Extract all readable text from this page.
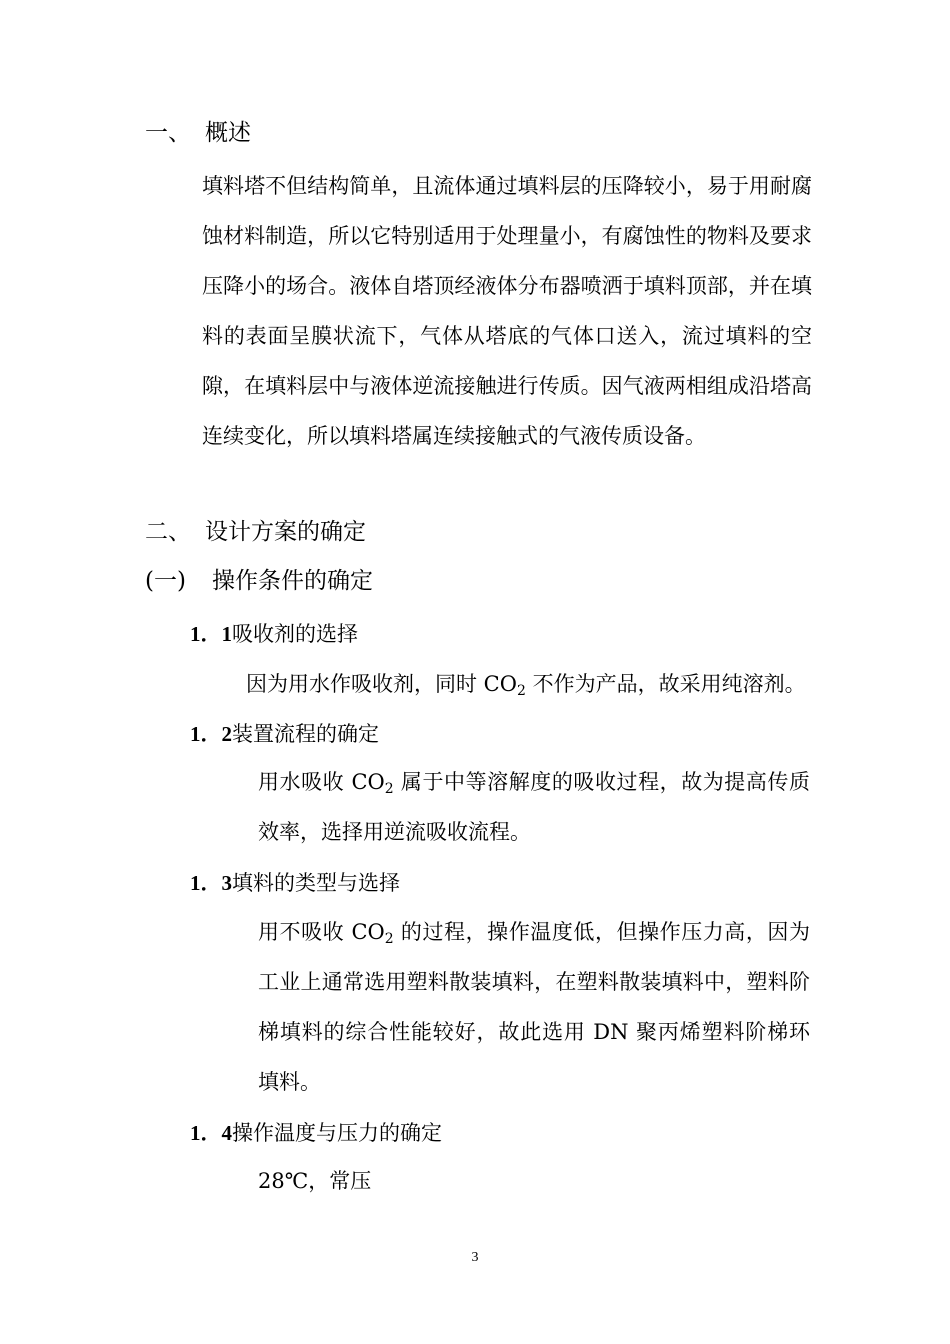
一、 概述
填料塔不但结构简单，且流体通过填料层的压降较小，易于用耐腐蚀材料制造，所以它特别适用于处理量小，有腐蚀性的物料及要求压降小的场合。液体自塔顶经液体分布器喷洒于填料顶部，并在填料的表面呈膜状流下，气体从塔底的气体口送入，流过填料的空隙，在填料层中与液体逆流接触进行传质。因气液两相组成沿塔高连续变化，所以填料塔属连续接触式的气液传质设备。
二、 设计方案的确定
(一) 操作条件的确定
1．1吸收剂的选择
因为用水作吸收剂，同时 $CO_2$ 不作为产品，故采用纯溶剂。
1．2装置流程的确定
用水吸收 $CO_2$ 属于中等溶解度的吸收过程，故为提高传质效率，选择用逆流吸收流程。
1．3填料的类型与选择
用不吸收 $CO_2$ 的过程，操作温度低，但操作压力高，因为工业上通常选用塑料散装填料，在塑料散装填料中，塑料阶梯填料的综合性能较好，故此选用 DN 聚丙烯塑料阶梯环填料。
1．4操作温度与压力的确定
28℃，常压
3
